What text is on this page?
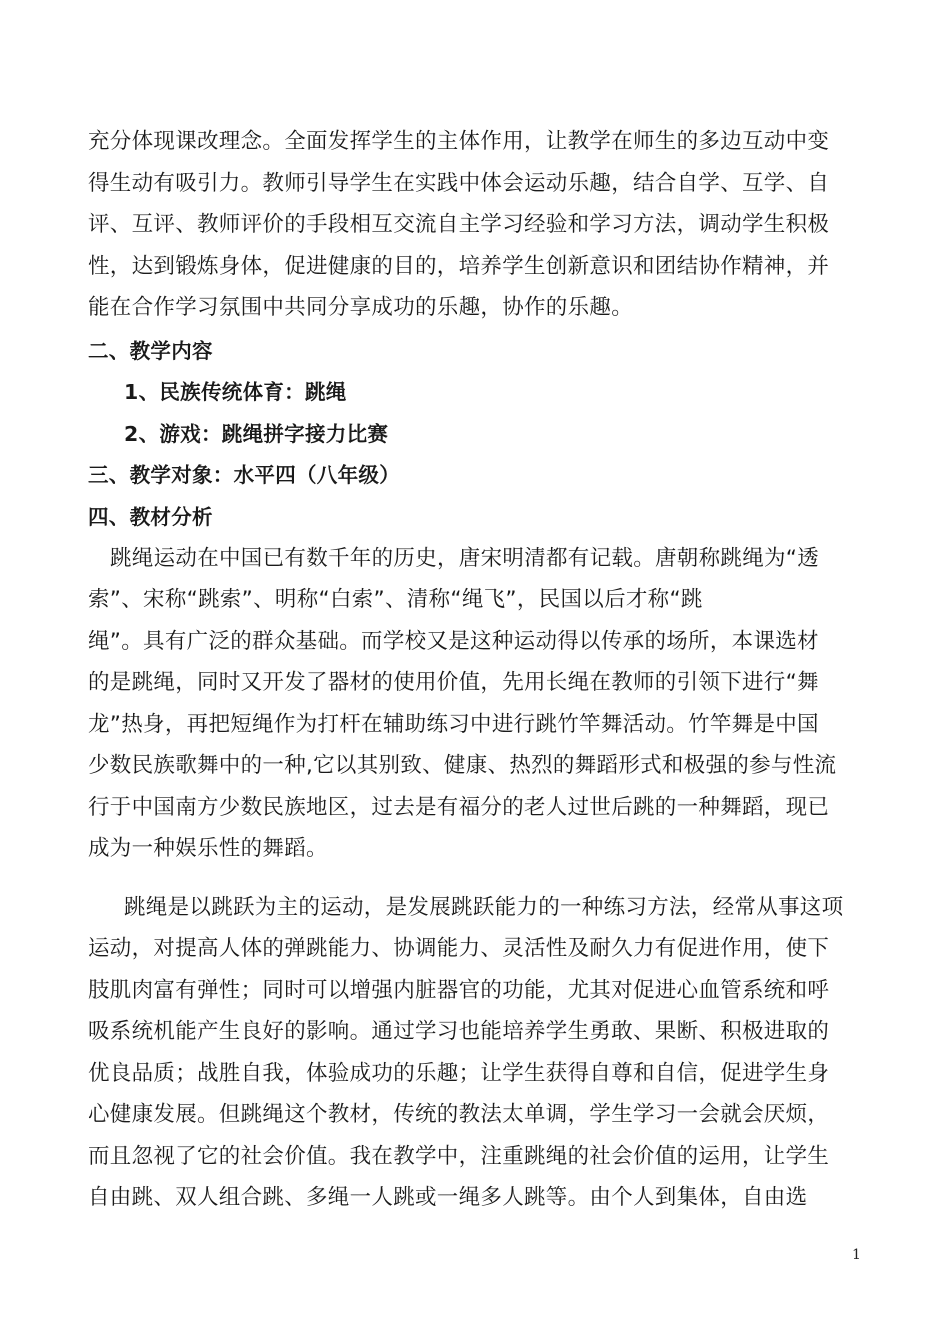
充分体现课改理念。全面发挥学生的主体作用，让教学在师生的多边互动中变
得生动有吸引力。教师引导学生在实践中体会运动乐趣，结合自学、互学、自
评、互评、教师评价的手段相互交流自主学习经验和学习方法，调动学生积极
性，达到锻炼身体，促进健康的目的，培养学生创新意识和团结协作精神，并
能在合作学习氛围中共同分享成功的乐趣，协作的乐趣。
二、教学内容
1、民族传统体育：跳绳
2、游戏：跳绳拼字接力比赛
三、教学对象：水平四（八年级）
四、教材分析
跳绳运动在中国已有数千年的历史，唐宋明清都有记载。唐朝称跳绳为“透
索”、宋称“跳索”、明称“白索”、清称“绳飞”，民国以后才称“跳
绳”。具有广泛的群众基础。而学校又是这种运动得以传承的场所，本课选材
的是跳绳，同时又开发了器材的使用价值，先用长绳在教师的引领下进行“舞
龙”热身，再把短绳作为打杆在辅助练习中进行跳竹竿舞活动。竹竿舞是中国
少数民族歌舞中的一种,它以其别致、健康、热烈的舞蹈形式和极强的参与性流
行于中国南方少数民族地区，过去是有福分的老人过世后跳的一种舞蹈，现已
成为一种娱乐性的舞蹈。
跳绳是以跳跃为主的运动，是发展跳跃能力的一种练习方法，经常从事这项
运动，对提高人体的弹跳能力、协调能力、灵活性及耐久力有促进作用，使下
肢肌肉富有弹性；同时可以增强内脏器官的功能，尤其对促进心血管系统和呼
吸系统机能产生良好的影响。通过学习也能培养学生勇敢、果断、积极进取的
优良品质；战胜自我，体验成功的乐趣；让学生获得自尊和自信，促进学生身
心健康发展。但跳绳这个教材，传统的教法太单调，学生学习一会就会厌烦，
而且忽视了它的社会价值。我在教学中，注重跳绳的社会价值的运用，让学生
自由跳、双人组合跳、多绳一人跳或一绳多人跳等。由个人到集体，自由选
1
